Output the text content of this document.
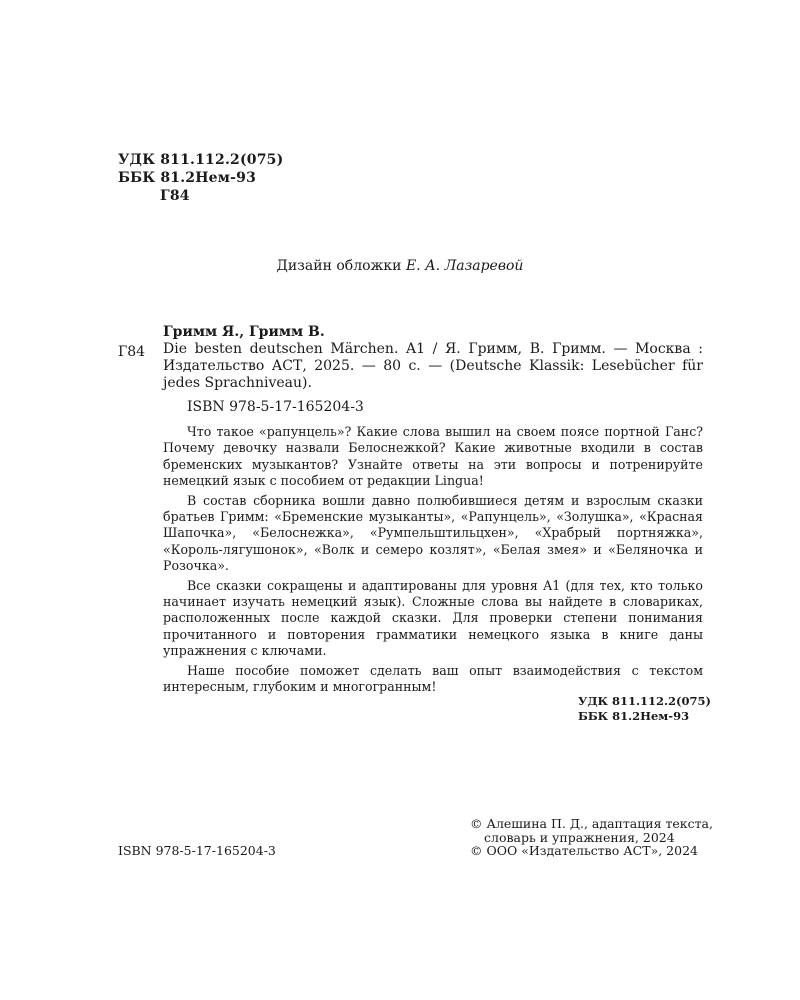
УДК 811.112.2(075)
ББК 81.2Нем-93
Г84
Дизайн обложки Е. А. Лазаревой
Гримм Я., Гримм В.
Г84 Die besten deutschen Märchen. A1 / Я. Гримм, В. Гримм. — Москва : Издательство АСТ, 2025. — 80 с. — (Deutsche Klassik: Lesebücher für jedes Sprachniveau).
ISBN 978-5-17-165204-3

Что такое «рапунцель»? Какие слова вышил на своем поясе портной Ганс? Почему девочку назвали Белоснежкой? Какие животные входили в состав бременских музыкантов? Узнайте ответы на эти вопросы и потренируйте немецкий язык с пособием от редакции Lingua!

В состав сборника вошли давно полюбившиеся детям и взрослым сказки братьев Гримм: «Бременские музыканты», «Рапунцель», «Золушка», «Красная Шапочка», «Белоснежка», «Румпельштильцхен», «Храбрый портняжка», «Король-лягушонок», «Волк и семеро козлят», «Белая змея» и «Беляночка и Розочка».

Все сказки сокращены и адаптированы для уровня A1 (для тех, кто только начинает изучать немецкий язык). Сложные слова вы найдете в словариках, расположенных после каждой сказки. Для проверки степени понимания прочитанного и повторения грамматики немецкого языка в книге даны упражнения с ключами.

Наше пособие поможет сделать ваш опыт взаимодействия с текстом интересным, глубоким и многогранным!

УДК 811.112.2(075)
ББК 81.2Нем-93
ISBN 978-5-17-165204-3
© Алешина П. Д., адаптация текста,
словарь и упражнения, 2024
© ООО «Издательство АСТ», 2024
